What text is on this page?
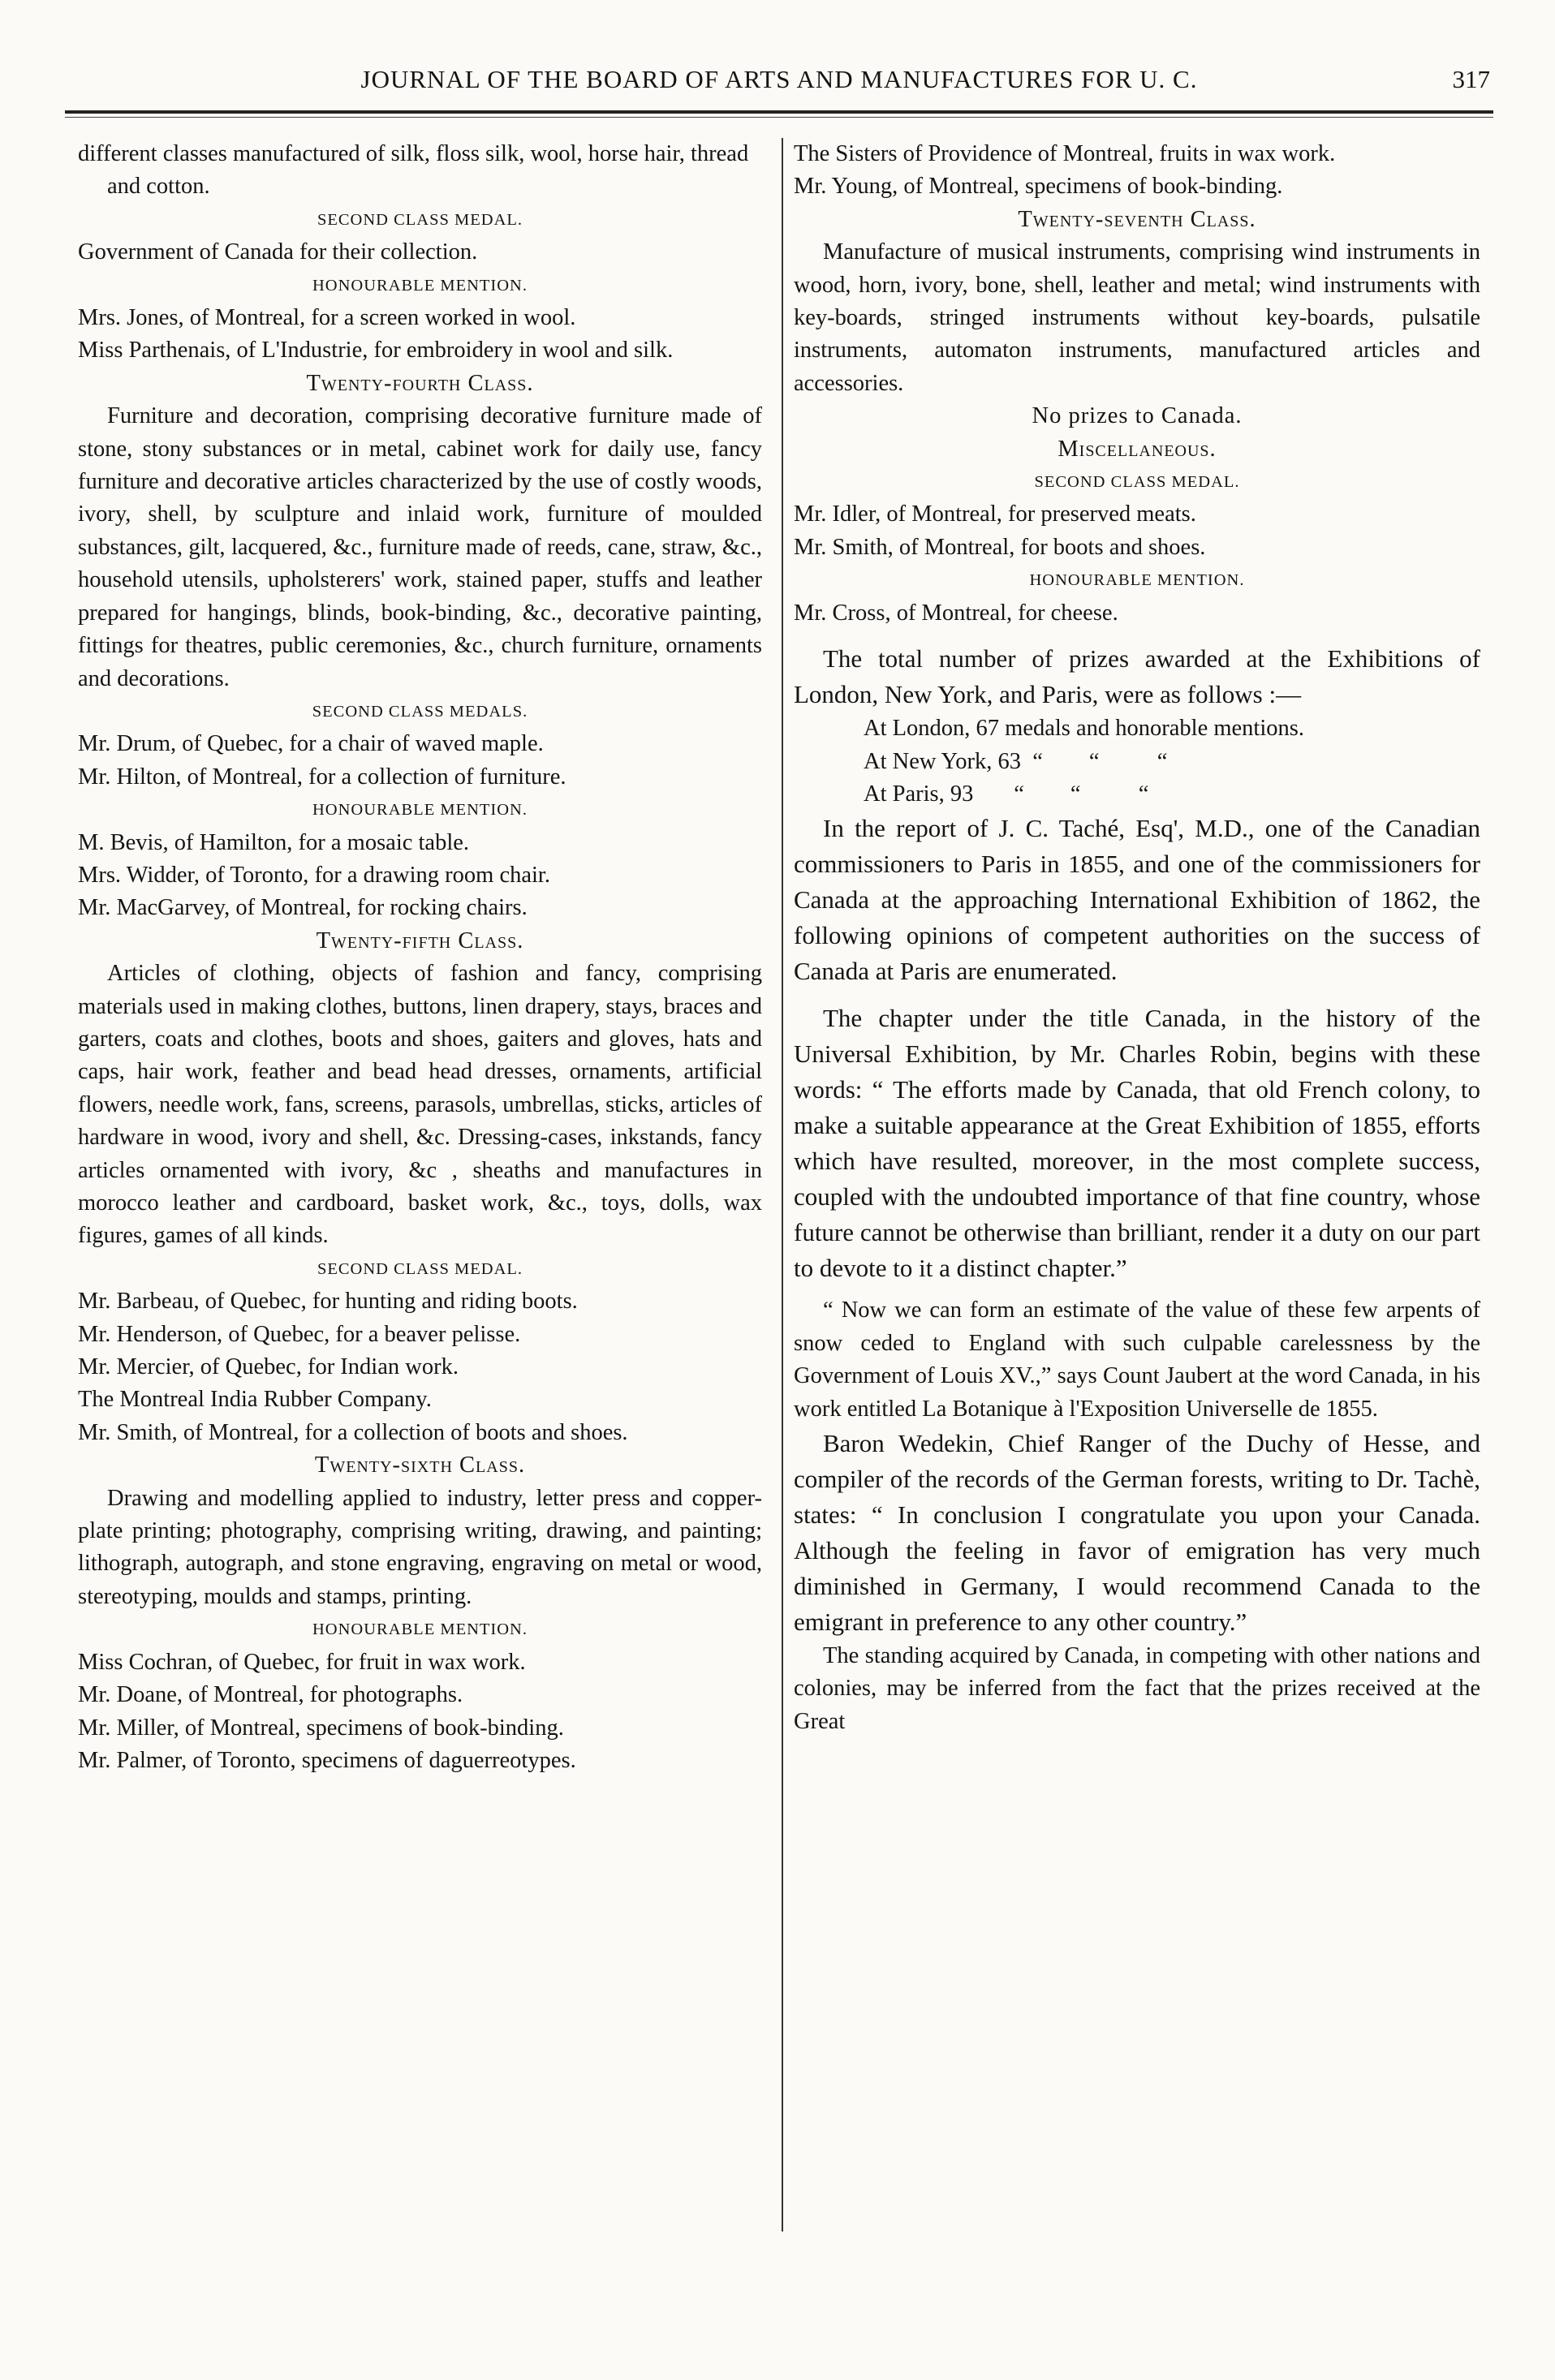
JOURNAL OF THE BOARD OF ARTS AND MANUFACTURES FOR U. C.	317

different classes manufactured of silk, floss silk, wool, horse hair, thread and cotton.

SECOND CLASS MEDAL.

Government of Canada for their collection.

HONOURABLE MENTION.

Mrs. Jones, of Montreal, for a screen worked in wool.

Miss Parthenais, of L'Industrie, for embroidery in wool and silk.

Twenty-fourth Class.

Furniture and decoration, comprising decorative furniture made of stone, stony substances or in metal, cabinet work for daily use, fancy furniture and decorative articles characterized by the use of costly woods, ivory, shell, by sculpture and inlaid work, furniture of moulded substances, gilt, lacquered, &c., furniture made of reeds, cane, straw, &c., household utensils, upholsterers' work, stained paper, stuffs and leather prepared for hangings, blinds, book-binding, &c., decorative painting, fittings for theatres, public ceremonies, &c., church furniture, ornaments and decorations.

SECOND CLASS MEDALS.

Mr. Drum, of Quebec, for a chair of waved maple.

Mr. Hilton, of Montreal, for a collection of furniture.

HONOURABLE MENTION.

M. Bevis, of Hamilton, for a mosaic table.

Mrs. Widder, of Toronto, for a drawing room chair.

Mr. MacGarvey, of Montreal, for rocking chairs.

Twenty-fifth Class.

Articles of clothing, objects of fashion and fancy, comprising materials used in making clothes, buttons, linen drapery, stays, braces and garters, coats and clothes, boots and shoes, gaiters and gloves, hats and caps, hair work, feather and bead head dresses, ornaments, artificial flowers, needle work, fans, screens, parasols, umbrellas, sticks, articles of hardware in wood, ivory and shell, &c. Dressing-cases, inkstands, fancy articles ornamented with ivory, &c , sheaths and manufactures in morocco leather and cardboard, basket work, &c., toys, dolls, wax figures, games of all kinds.

SECOND CLASS MEDAL.

Mr. Barbeau, of Quebec, for hunting and riding boots.

Mr. Henderson, of Quebec, for a beaver pelisse.

Mr. Mercier, of Quebec, for Indian work.

The Montreal India Rubber Company.

Mr. Smith, of Montreal, for a collection of boots and shoes.

Twenty-sixth Class.

Drawing and modelling applied to industry, letter press and copper-plate printing; photography, comprising writing, drawing, and painting; lithograph, autograph, and stone engraving, engraving on metal or wood, stereotyping, moulds and stamps, printing.

HONOURABLE MENTION.

Miss Cochran, of Quebec, for fruit in wax work.

Mr. Doane, of Montreal, for photographs.

Mr. Miller, of Montreal, specimens of book-binding.

Mr. Palmer, of Toronto, specimens of daguerreotypes.

The Sisters of Providence of Montreal, fruits in wax work.

Mr. Young, of Montreal, specimens of book-binding.

Twenty-seventh Class.

Manufacture of musical instruments, comprising wind instruments in wood, horn, ivory, bone, shell, leather and metal; wind instruments with key-boards, stringed instruments without key-boards, pulsatile instruments, automaton instruments, manufactured articles and accessories.

No prizes to Canada.

Miscellaneous.

SECOND CLASS MEDAL.

Mr. Idler, of Montreal, for preserved meats.

Mr. Smith, of Montreal, for boots and shoes.

HONOURABLE MENTION.

Mr. Cross, of Montreal, for cheese.

The total number of prizes awarded at the Exhibitions of London, New York, and Paris, were as follows :—

At London, 67 medals and honorable mentions.

At New York, 63  “        “          “

At Paris, 93       “        “          “

In the report of J. C. Taché, Esq', M.D., one of the Canadian commissioners to Paris in 1855, and one of the commissioners for Canada at the approaching International Exhibition of 1862, the following opinions of competent authorities on the success of Canada at Paris are enumerated.

The chapter under the title Canada, in the history of the Universal Exhibition, by Mr. Charles Robin, begins with these words: “ The efforts made by Canada, that old French colony, to make a suitable appearance at the Great Exhibition of 1855, efforts which have resulted, moreover, in the most complete success, coupled with the undoubted importance of that fine country, whose future cannot be otherwise than brilliant, render it a duty on our part to devote to it a distinct chapter.”

“ Now we can form an estimate of the value of these few arpents of snow ceded to England with such culpable carelessness by the Government of Louis XV.,” says Count Jaubert at the word Canada, in his work entitled La Botanique à l'Exposition Universelle de 1855.

Baron Wedekin, Chief Ranger of the Duchy of Hesse, and compiler of the records of the German forests, writing to Dr. Tachè, states: “ In conclusion I congratulate you upon your Canada. Although the feeling in favor of emigration has very much diminished in Germany, I would recommend Canada to the emigrant in preference to any other country.”

The standing acquired by Canada, in competing with other nations and colonies, may be inferred from the fact that the prizes received at the Great
